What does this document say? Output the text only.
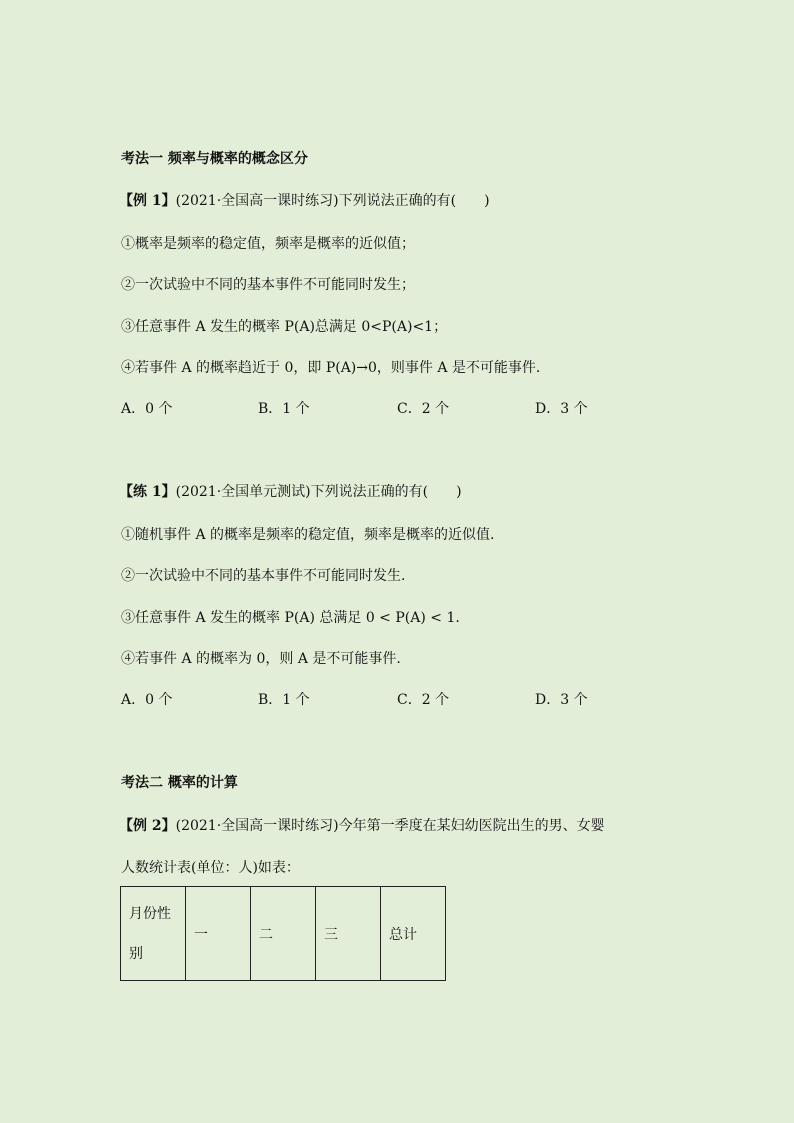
考法一 频率与概率的概念区分
【例 1】(2021·全国高一课时练习)下列说法正确的有(　　)
①概率是频率的稳定值，频率是概率的近似值；
②一次试验中不同的基本事件不可能同时发生；
③任意事件 A 发生的概率 P(A)总满足 0<P(A)<1；
④若事件 A 的概率趋近于 0，即 P(A)→0，则事件 A 是不可能事件.
A．0 个	B．1 个	C．2 个	D．3 个
【练 1】(2021·全国单元测试)下列说法正确的有(　　)
①随机事件 A 的概率是频率的稳定值，频率是概率的近似值.
②一次试验中不同的基本事件不可能同时发生.
③任意事件 A 发生的概率 P(A) 总满足 0 < P(A) < 1.
④若事件 A 的概率为 0，则 A 是不可能事件.
A．0 个	B．1 个	C．2 个	D．3 个
考法二 概率的计算
【例 2】(2021·全国高一课时练习)今年第一季度在某妇幼医院出生的男、女婴
人数统计表(单位：人)如表：
月份性别	一	二	三	总计
